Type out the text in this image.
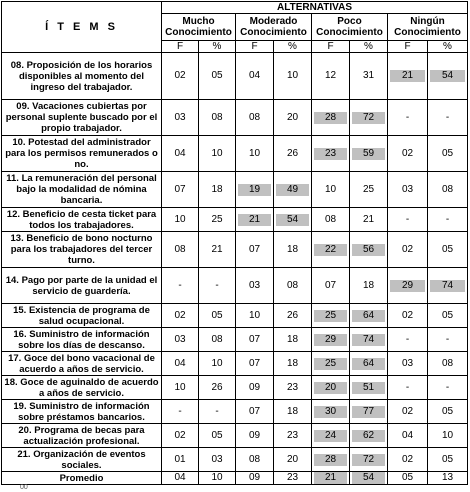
Í T E M S	ALTERNATIVAS							
	Mucho Conocimiento		Moderado Conocimiento		Poco Conocimiento		Ningún Conocimiento	
	F	%	F	%	F	%	F	%
08. Proposición de los horarios disponibles al momento del ingreso del trabajador.	02	05	04	10	12	31	21	54

09. Vacaciones cubiertas por personal suplente buscado por el propio trabajador.	03	08	08	20	28	72	-	-

10. Potestad del administrador para los permisos remunerados o no.	04	10	10	26	23	59	02	05

11. La remuneración del personal bajo la modalidad de nómina bancaria.	07	18	19	49	10	25	03	08

12. Beneficio de cesta ticket para todos los trabajadores.	10	25	21	54	08	21	-	-

13. Beneficio de bono nocturno para los trabajadores del tercer turno.	08	21	07	18	22	56	02	05

14. Pago por parte de la unidad el servicio de guardería.	-	-	03	08	07	18	29	74

15. Existencia de programa de salud ocupacional.	02	05	10	26	25	64	02	05

16. Suministro de información sobre los días de descanso.	03	08	07	18	29	74	-	-

17. Goce del bono vacacional de acuerdo a años de servicio.	04	10	07	18	25	64	03	08

18. Goce de aguinaldo de acuerdo a años de servicio.	10	26	09	23	20	51	-	-

19. Suministro de información sobre préstamos bancarios.	-	-	07	18	30	77	02	05

20. Programa de becas para actualización profesional.	02	05	09	23	24	62	04	10

21. Organización de eventos sociales.	01	03	08	20	28	72	02	05

Promedio	04	10	09	23	21	54	05	13
00
